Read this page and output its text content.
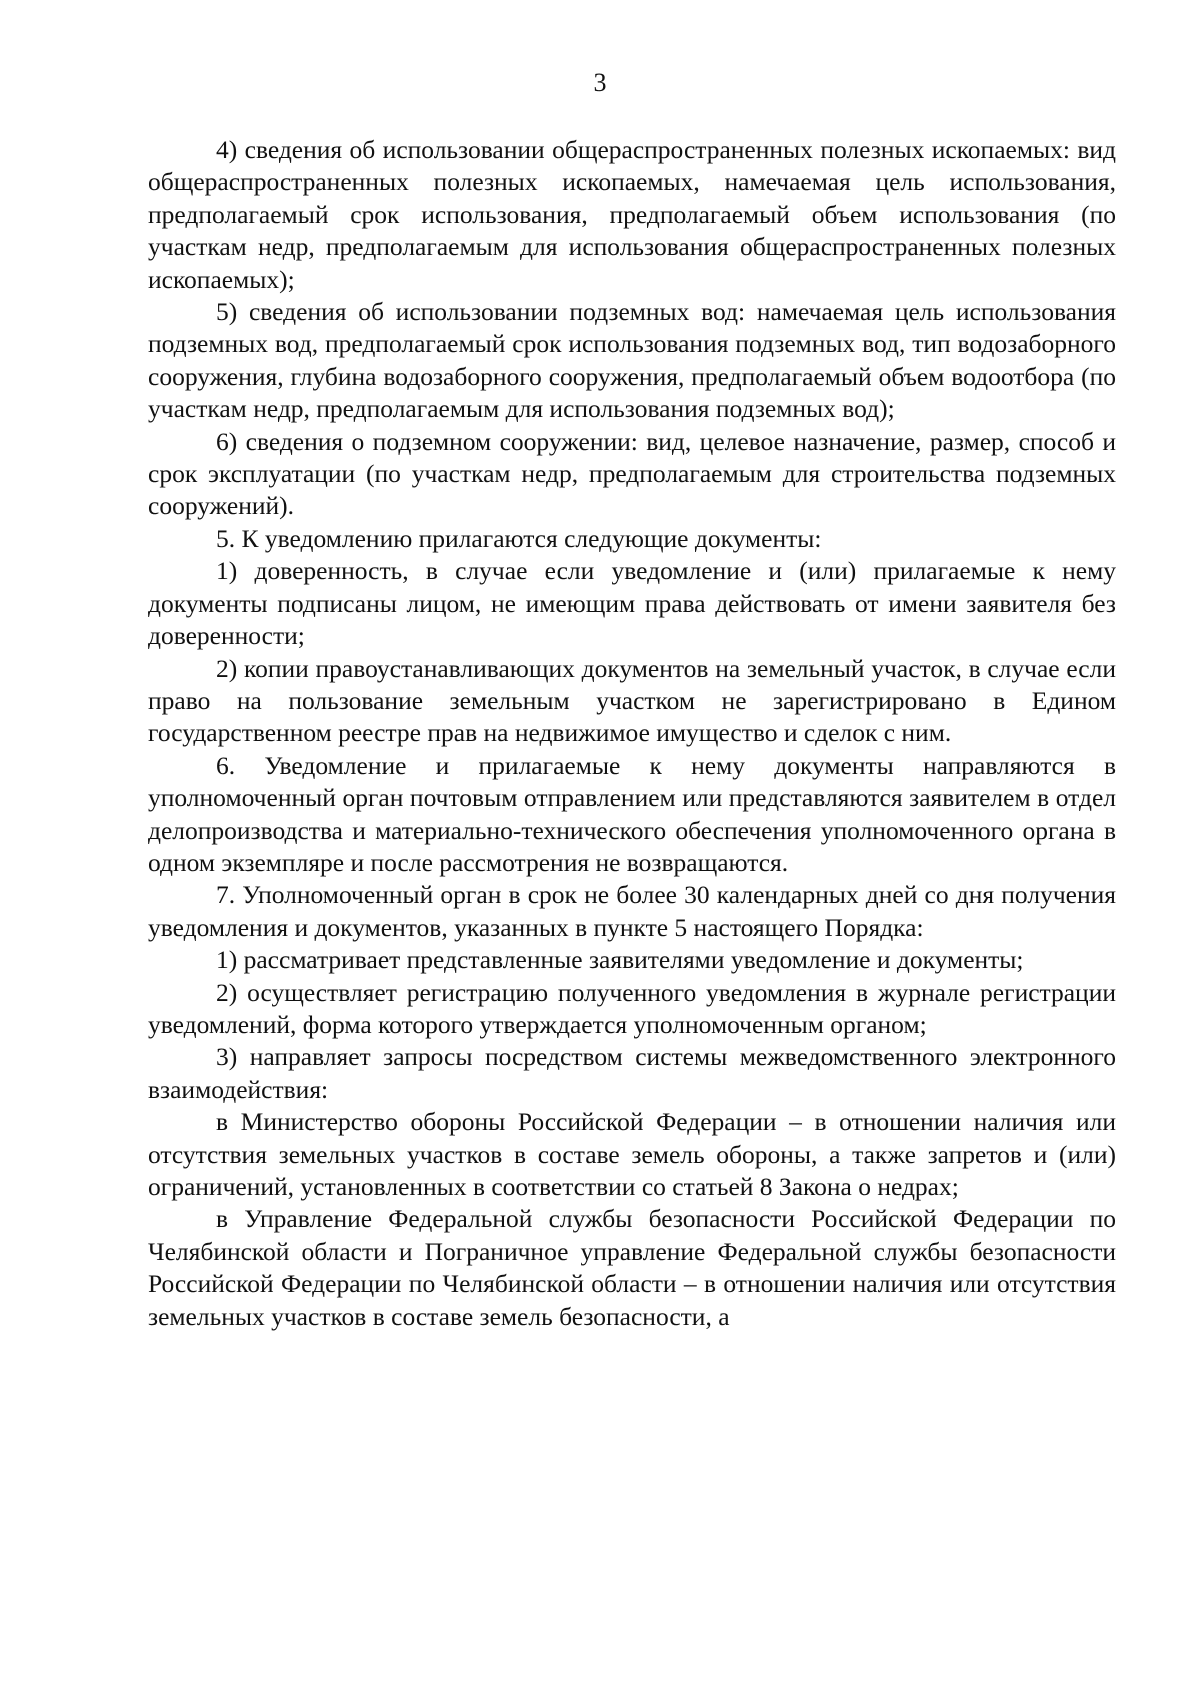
3

4) сведения об использовании общераспространенных полезных ископаемых: вид общераспространенных полезных ископаемых, намечаемая цель использования, предполагаемый срок использования, предполагаемый объем использования (по участкам недр, предполагаемым для использования общераспространенных полезных ископаемых);

5) сведения об использовании подземных вод: намечаемая цель использования подземных вод, предполагаемый срок использования подземных вод, тип водозаборного сооружения, глубина водозаборного сооружения, предполагаемый объем водоотбора (по участкам недр, предполагаемым для использования подземных вод);

6) сведения о подземном сооружении: вид, целевое назначение, размер, способ и срок эксплуатации (по участкам недр, предполагаемым для строительства подземных сооружений).

5. К уведомлению прилагаются следующие документы:

1) доверенность, в случае если уведомление и (или) прилагаемые к нему документы подписаны лицом, не имеющим права действовать от имени заявителя без доверенности;

2) копии правоустанавливающих документов на земельный участок, в случае если право на пользование земельным участком не зарегистрировано в Едином государственном реестре прав на недвижимое имущество и сделок с ним.

6. Уведомление и прилагаемые к нему документы направляются в уполномоченный орган почтовым отправлением или представляются заявителем в отдел делопроизводства и материально-технического обеспечения уполномоченного органа в одном экземпляре и после рассмотрения не возвращаются.

7. Уполномоченный орган в срок не более 30 календарных дней со дня получения уведомления и документов, указанных в пункте 5 настоящего Порядка:

1) рассматривает представленные заявителями уведомление и документы;

2) осуществляет регистрацию полученного уведомления в журнале регистрации уведомлений, форма которого утверждается уполномоченным органом;

3) направляет запросы посредством системы межведомственного электронного взаимодействия:

в Министерство обороны Российской Федерации – в отношении наличия или отсутствия земельных участков в составе земель обороны, а также запретов и (или) ограничений, установленных в соответствии со статьей 8 Закона о недрах;

в Управление Федеральной службы безопасности Российской Федерации по Челябинской области и Пограничное управление Федеральной службы безопасности Российской Федерации по Челябинской области – в отношении наличия или отсутствия земельных участков в составе земель безопасности, а
